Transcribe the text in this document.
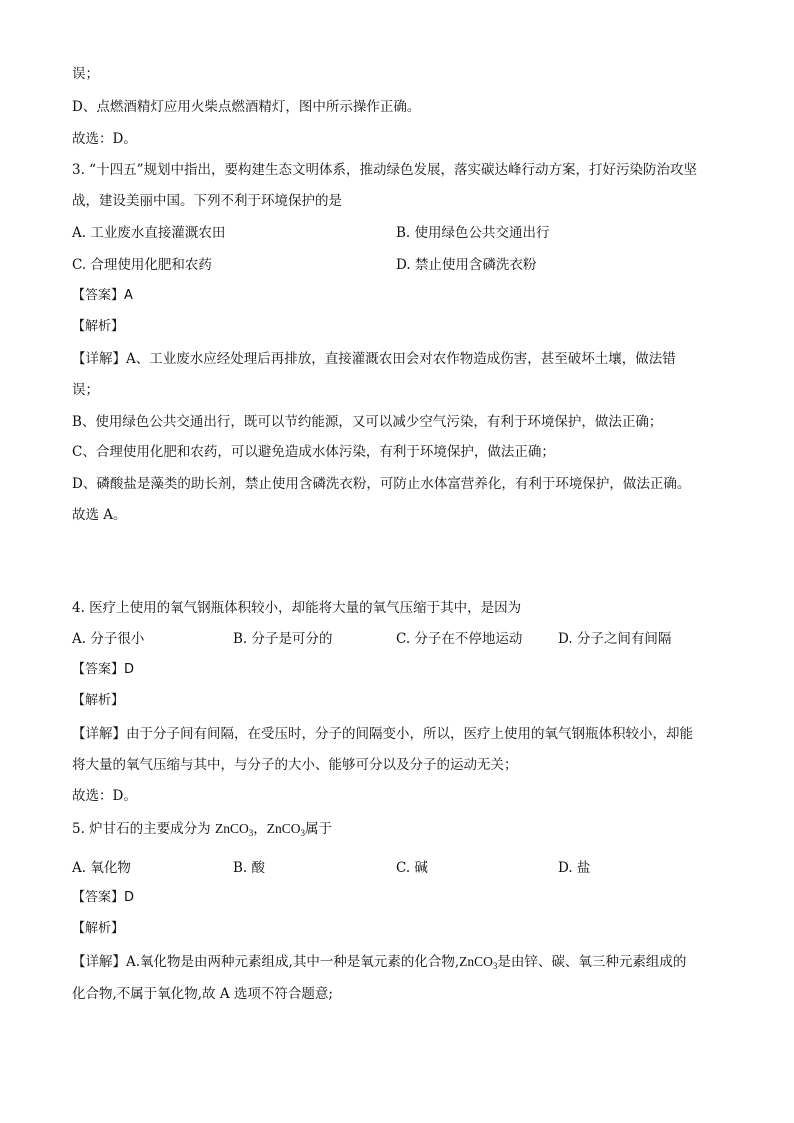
误；
D、点燃酒精灯应用火柴点燃酒精灯，图中所示操作正确。
故选：D。
3. “十四五”规划中指出，要构建生态文明体系，推动绿色发展，落实碳达峰行动方案，打好污染防治攻坚
战，建设美丽中国。下列不利于环境保护的是
A. 工业废水直接灌溉农田	B. 使用绿色公共交通出行
C. 合理使用化肥和农药	D. 禁止使用含磷洗衣粉
【答案】A
【解析】
【详解】A、工业废水应经处理后再排放，直接灌溉农田会对农作物造成伤害，甚至破坏土壤，做法错
误；
B、使用绿色公共交通出行，既可以节约能源，又可以减少空气污染，有利于环境保护，做法正确；
C、合理使用化肥和农药，可以避免造成水体污染，有利于环境保护，做法正确；
D、磷酸盐是藻类的助长剂，禁止使用含磷洗衣粉，可防止水体富营养化，有利于环境保护，做法正确。
故选 A。
4. 医疗上使用的氧气钢瓶体积较小，却能将大量的氧气压缩于其中，是因为
A. 分子很小	B. 分子是可分的	C. 分子在不停地运动	D. 分子之间有间隔
【答案】D
【解析】
【详解】由于分子间有间隔，在受压时，分子的间隔变小，所以，医疗上使用的氧气钢瓶体积较小，却能
将大量的氧气压缩与其中，与分子的大小、能够可分以及分子的运动无关；
故选：D。
5. 炉甘石的主要成分为 ZnCO$_3$，ZnCO$_3$属于
A. 氧化物	B. 酸	C. 碱	D. 盐
【答案】D
【解析】
【详解】A.氧化物是由两种元素组成,其中一种是氧元素的化合物,ZnCO$_3$是由锌、碳、氧三种元素组成的
化合物,不属于氧化物,故 A 选项不符合题意;
